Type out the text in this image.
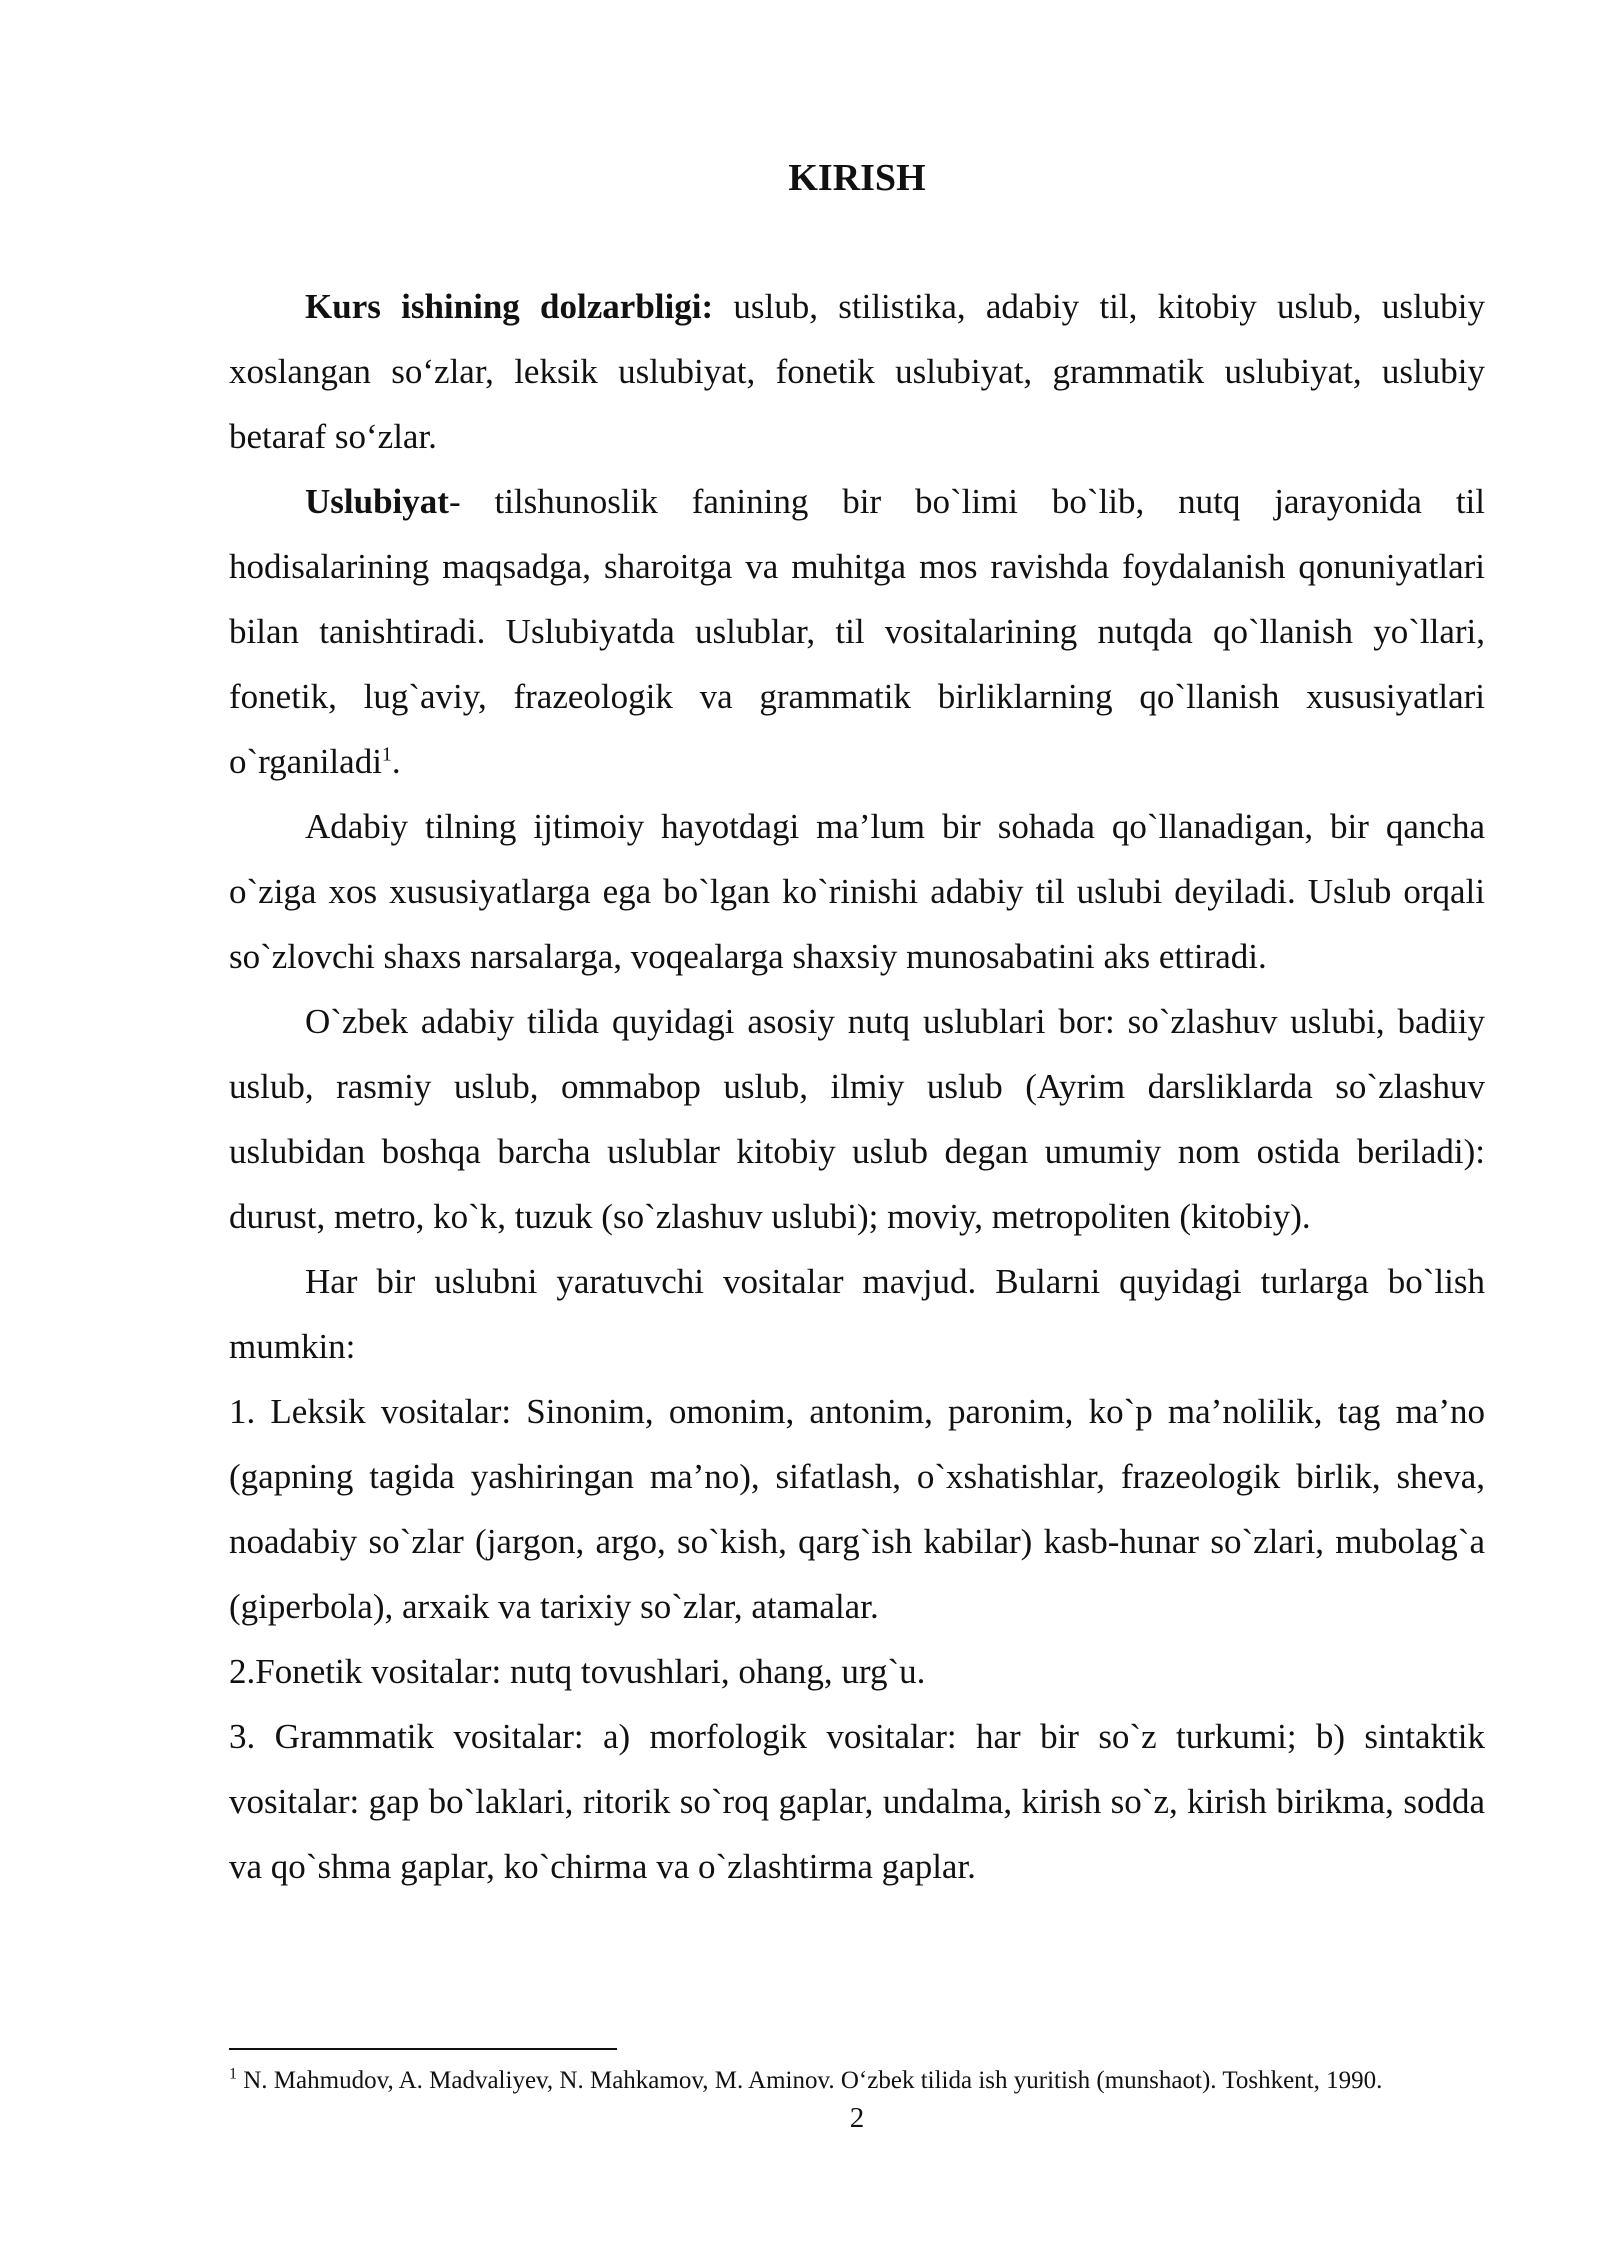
KIRISH

Kurs ishining dolzarbligi: uslub, stilistika, adabiy til, kitobiy uslub, uslubiy xoslangan so‘zlar, leksik uslubiyat, fonetik uslubiyat, grammatik uslubiyat, uslubiy betaraf so‘zlar.

Uslubiyat- tilshunoslik fanining bir bo`limi bo`lib, nutq jarayonida til hodisalarining maqsadga, sharoitga va muhitga mos ravishda foydalanish qonuniyatlari bilan tanishtiradi. Uslubiyatda uslublar, til vositalarining nutqda qo`llanish yo`llari, fonetik, lug`aviy, frazeologik va grammatik birliklarning qo`llanish xususiyatlari o`rganiladi$^1$.

Adabiy tilning ijtimoiy hayotdagi ma’lum bir sohada qo`llanadigan, bir qancha o`ziga xos xususiyatlarga ega bo`lgan ko`rinishi adabiy til uslubi deyiladi. Uslub orqali so`zlovchi shaxs narsalarga, voqealarga shaxsiy munosabatini aks ettiradi.

O`zbek adabiy tilida quyidagi asosiy nutq uslublari bor: so`zlashuv uslubi, badiiy uslub, rasmiy uslub, ommabop uslub, ilmiy uslub (Ayrim darsliklarda so`zlashuv uslubidan boshqa barcha uslublar kitobiy uslub degan umumiy nom ostida beriladi): durust, metro, ko`k, tuzuk (so`zlashuv uslubi); moviy, metropoliten (kitobiy).

Har bir uslubni yaratuvchi vositalar mavjud. Bularni quyidagi turlarga bo`lish mumkin:

1. Leksik vositalar: Sinonim, omonim, antonim, paronim, ko`p ma’nolilik, tag ma’no (gapning tagida yashiringan ma’no), sifatlash, o`xshatishlar, frazeologik birlik, sheva, noadabiy so`zlar (jargon, argo, so`kish, qarg`ish kabilar) kasb-hunar so`zlari, mubolag`a (giperbola), arxaik va tarixiy so`zlar, atamalar.

2.Fonetik vositalar: nutq tovushlari, ohang, urg`u.

3. Grammatik vositalar: a) morfologik vositalar: har bir so`z turkumi; b) sintaktik vositalar: gap bo`laklari, ritorik so`roq gaplar, undalma, kirish so`z, kirish birikma, sodda va qo`shma gaplar, ko`chirma va o`zlashtirma gaplar.

$^1$ N. Mahmudov, A. Madvaliyev, N. Mahkamov, M. Aminov. O‘zbek tilida ish yuritish (munshaot). Toshkent, 1990.

2
